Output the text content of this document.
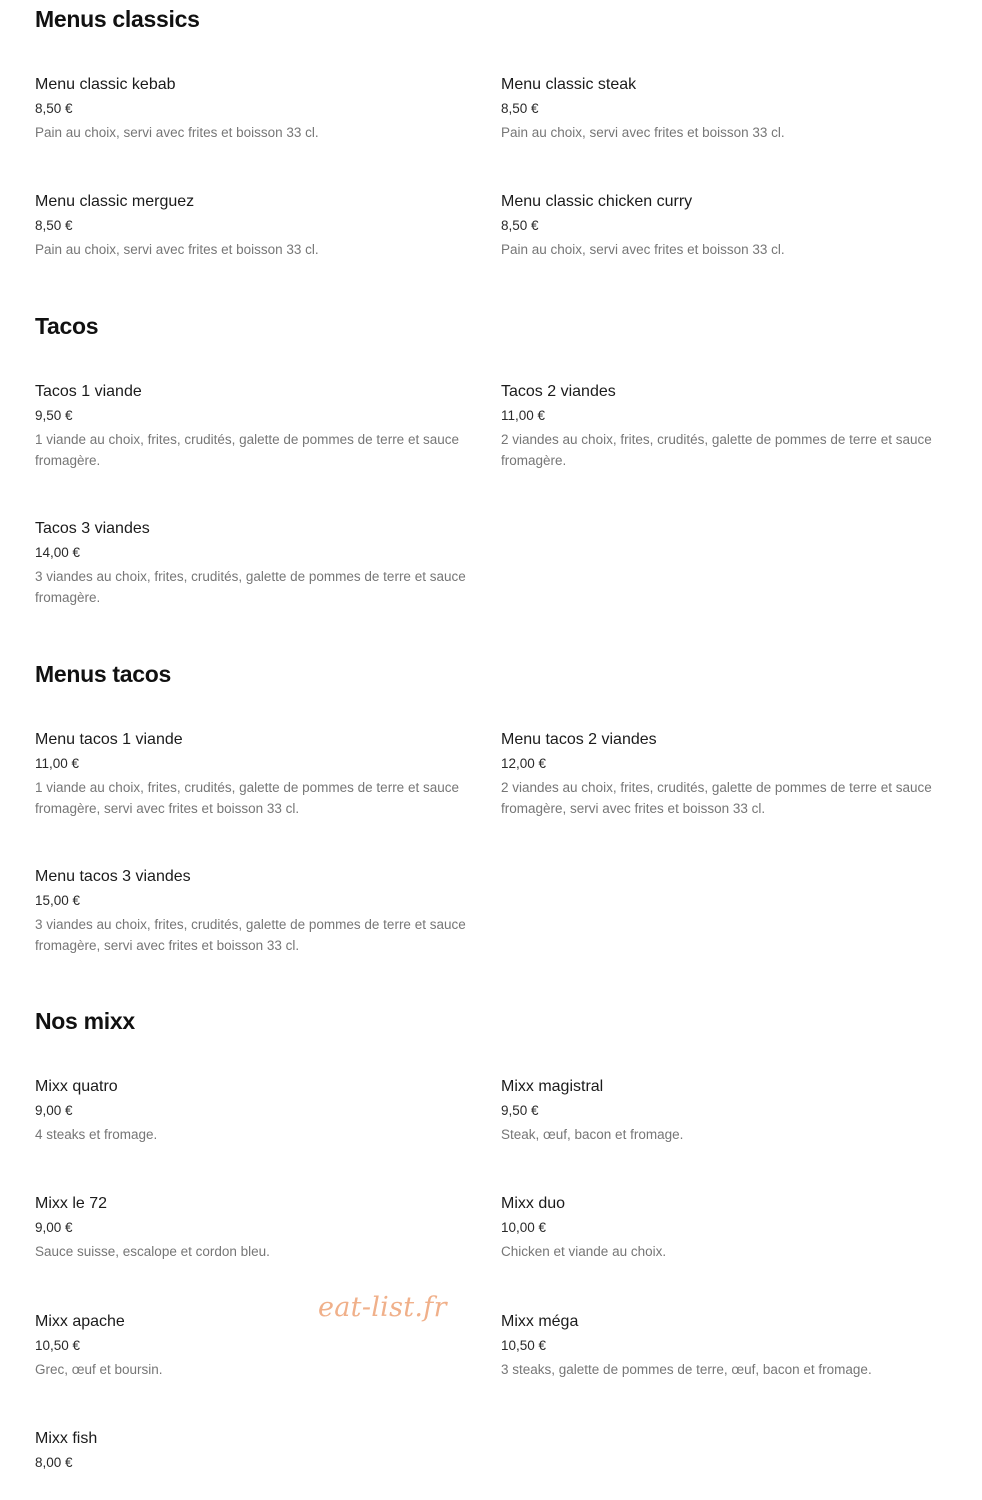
Menus classics
Menu classic kebab
8,50 €
Pain au choix, servi avec frites et boisson 33 cl.
Menu classic steak
8,50 €
Pain au choix, servi avec frites et boisson 33 cl.
Menu classic merguez
8,50 €
Pain au choix, servi avec frites et boisson 33 cl.
Menu classic chicken curry
8,50 €
Pain au choix, servi avec frites et boisson 33 cl.
Tacos
Tacos 1 viande
9,50 €
1 viande au choix, frites, crudités, galette de pommes de terre et sauce fromagère.
Tacos 2 viandes
11,00 €
2 viandes au choix, frites, crudités, galette de pommes de terre et sauce fromagère.
Tacos 3 viandes
14,00 €
3 viandes au choix, frites, crudités, galette de pommes de terre et sauce fromagère.
Menus tacos
Menu tacos 1 viande
11,00 €
1 viande au choix, frites, crudités, galette de pommes de terre et sauce fromagère, servi avec frites et boisson 33 cl.
Menu tacos 2 viandes
12,00 €
2 viandes au choix, frites, crudités, galette de pommes de terre et sauce fromagère, servi avec frites et boisson 33 cl.
Menu tacos 3 viandes
15,00 €
3 viandes au choix, frites, crudités, galette de pommes de terre et sauce fromagère, servi avec frites et boisson 33 cl.
Nos mixx
Mixx quatro
9,00 €
4 steaks et fromage.
Mixx magistral
9,50 €
Steak, œuf, bacon et fromage.
Mixx le 72
9,00 €
Sauce suisse, escalope et cordon bleu.
Mixx duo
10,00 €
Chicken et viande au choix.
Mixx apache
10,50 €
Grec, œuf et boursin.
Mixx méga
10,50 €
3 steaks, galette de pommes de terre, œuf, bacon et fromage.
Mixx fish
8,00 €
eat-list.fr
